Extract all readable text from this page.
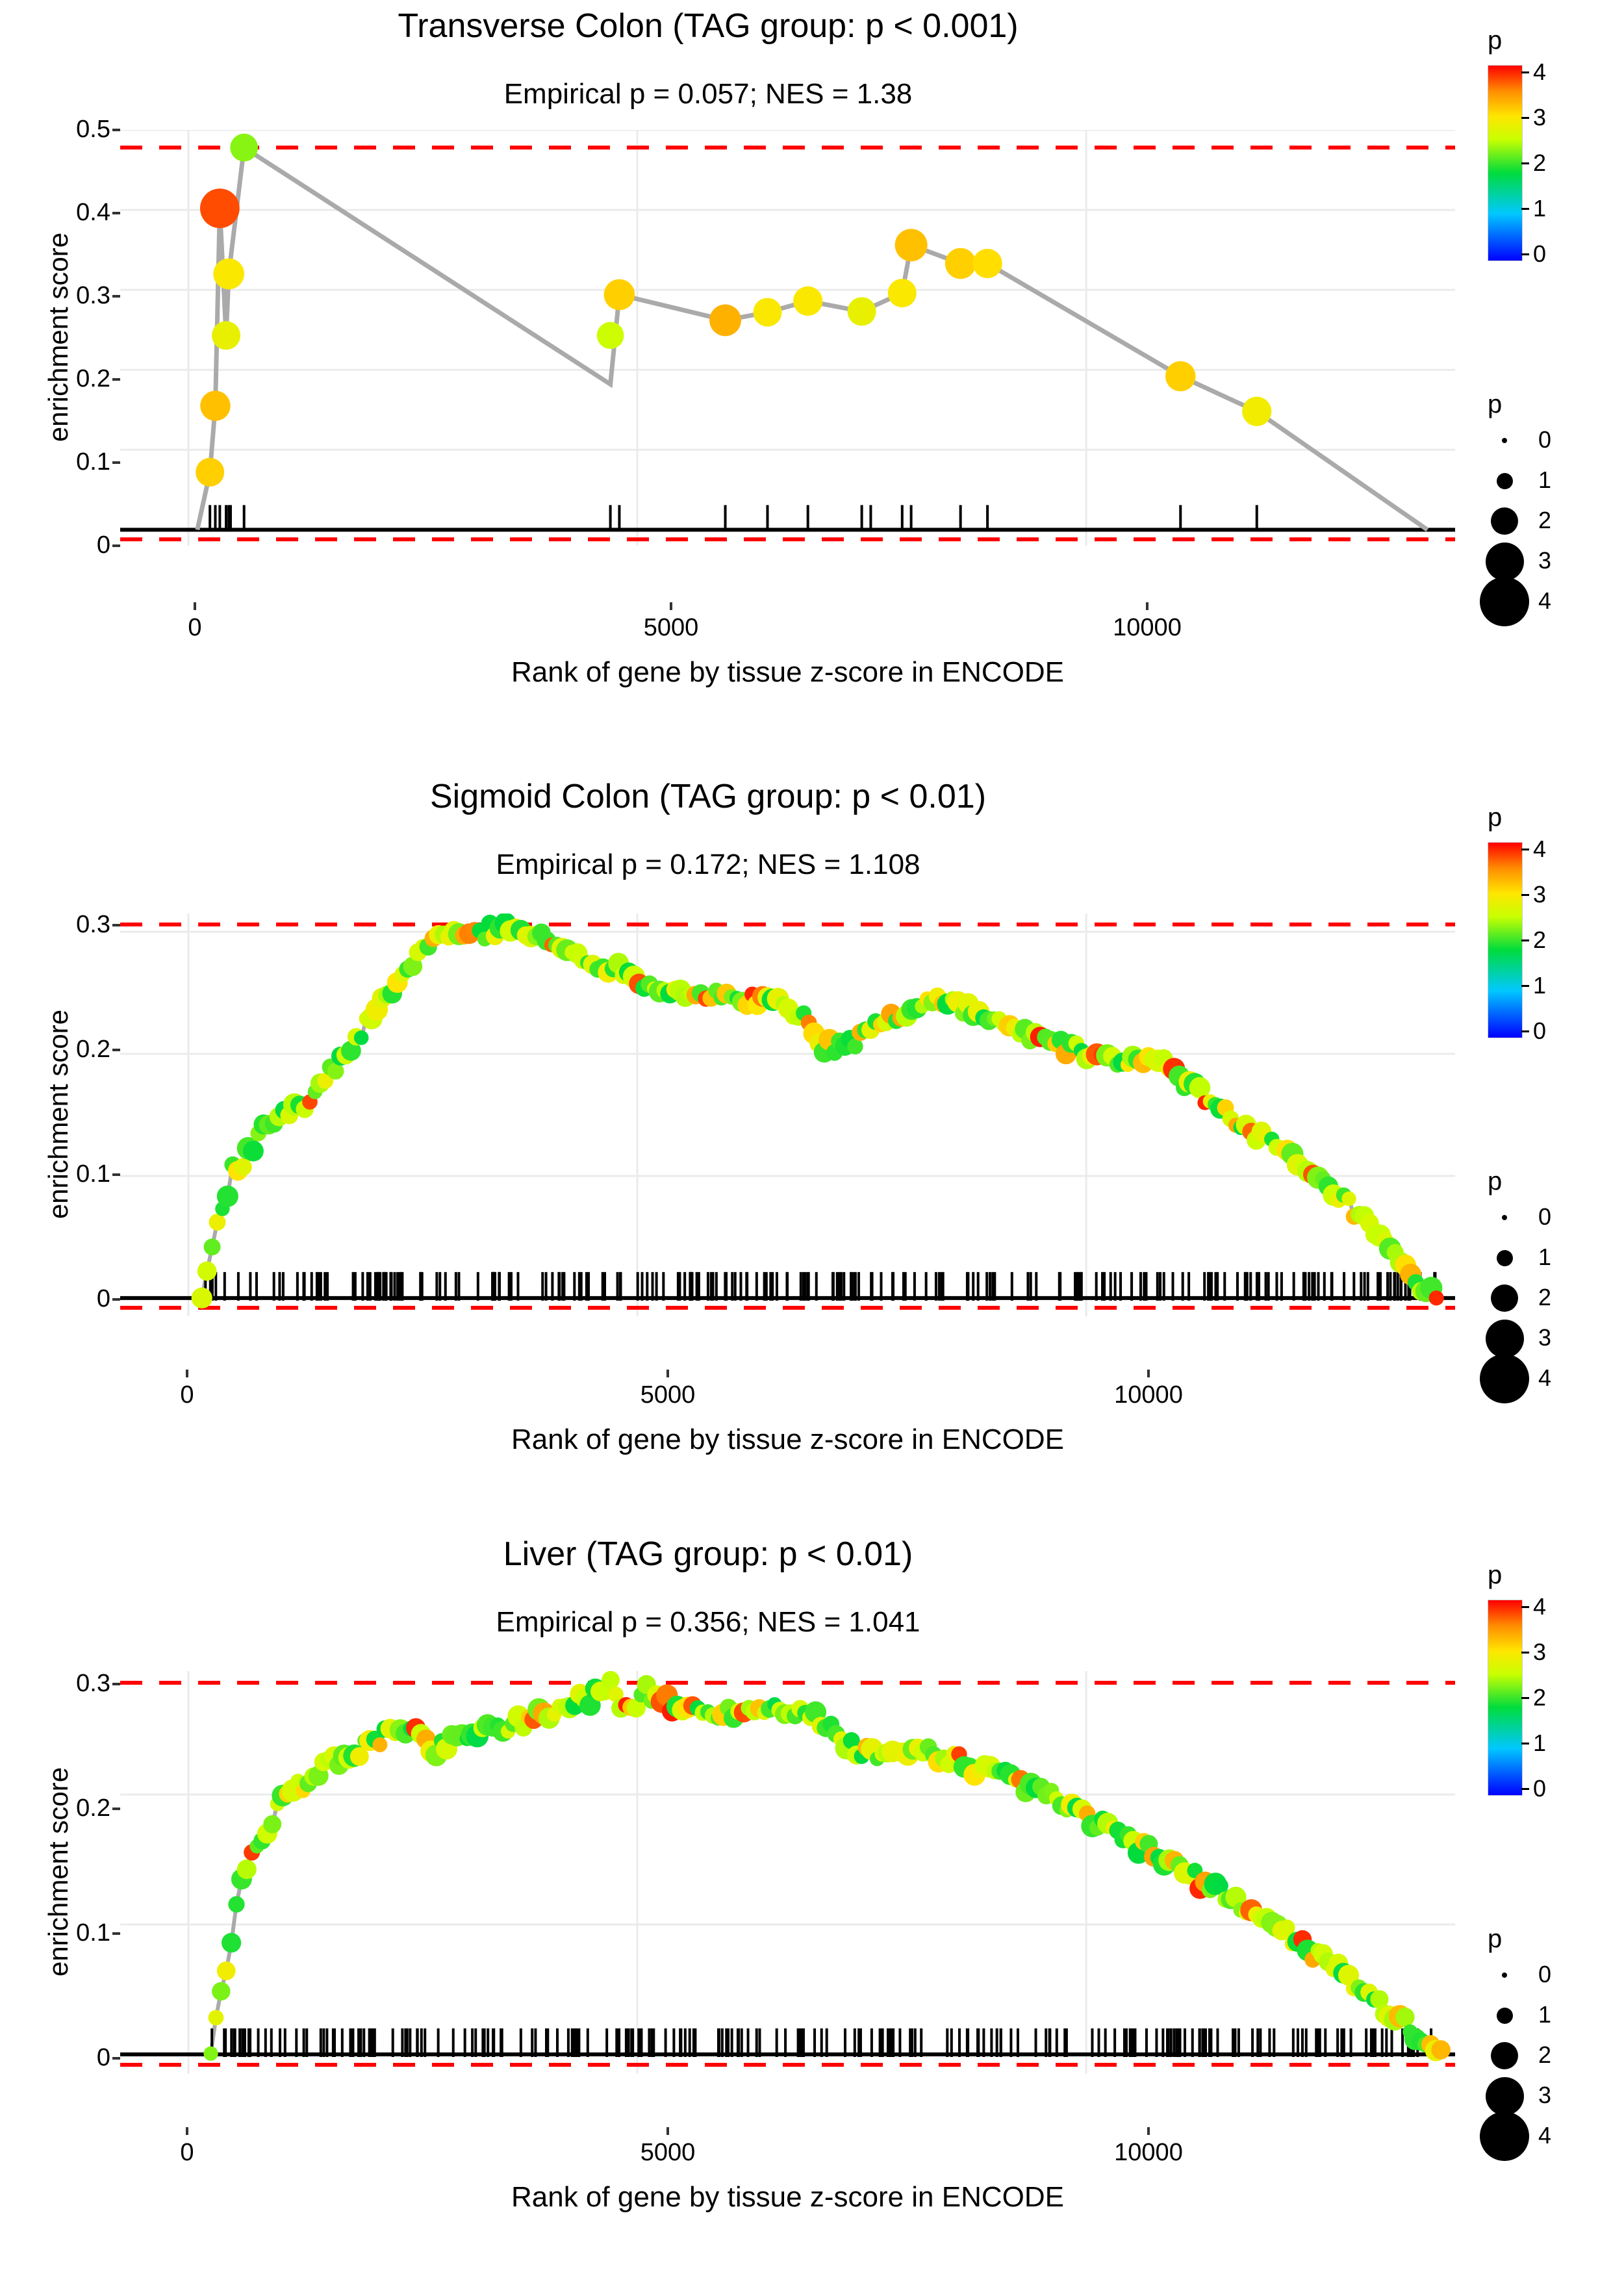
Transverse Colon (TAG group: p < 0.001)
Empirical p = 0.057; NES = 1.38
enrichment score
0.5
0.4
0.3
0.2
0.1
0
0	5000	10000
Rank of gene by tissue z-score in ENCODE
p
4
3
2
1
0
p
0
1
2
3
4
Sigmoid Colon (TAG group: p < 0.01)
Empirical p = 0.172; NES = 1.108
enrichment score
0.3
0.2
0.1
0
0	5000	10000
Rank of gene by tissue z-score in ENCODE
p
4
3
2
1
0
p
0
1
2
3
4
Liver (TAG group: p < 0.01)
Empirical p = 0.356; NES = 1.041
enrichment score
0.3
0.2
0.1
0
0	5000	10000
Rank of gene by tissue z-score in ENCODE
p
4
3
2
1
0
p
0
1
2
3
4
